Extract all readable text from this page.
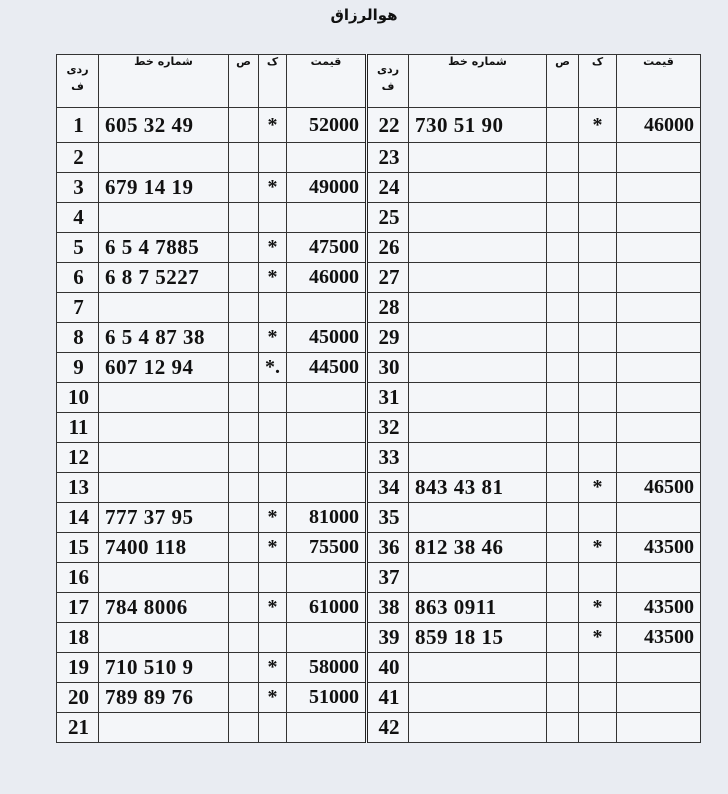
هوالرزاق
ردی
ف	شماره خط	ص	ک	قیمت	ردی
ف	شماره خط	ص	ک	قیمت
1	605 32 49		*	52000	22	730 51 90		*	46000
2					23				
3	679 14 19		*	49000	24				
4					25				
5	6 5 4 7885		*	47500	26				
6	6 8 7 5227		*	46000	27				
7					28				
8	6 5 4 87 38		*	45000	29				
9	607 12 94		*.	44500	30				
10					31				
11					32				
12					33				
13					34	843 43 81		*	46500
14	777 37 95		*	81000	35				
15	7400 118		*	75500	36	812 38 46		*	43500
16					37				
17	784 8006		*	61000	38	863 0911		*	43500
18					39	859 18 15		*	43500
19	710 510 9		*	58000	40				
20	789 89 76		*	51000	41				
21					42				
